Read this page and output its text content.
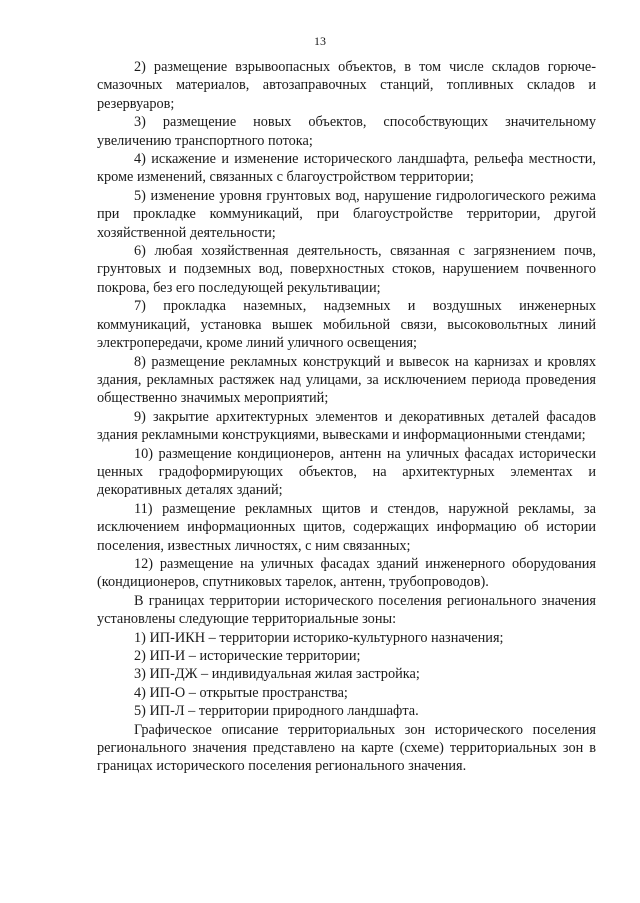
13

2) размещение взрывоопасных объектов, в том числе складов горюче-смазочных материалов, автозаправочных станций, топливных складов и резервуаров;

3) размещение новых объектов, способствующих значительному увеличению транспортного потока;

4) искажение и изменение исторического ландшафта, рельефа местности, кроме изменений, связанных с благоустройством территории;

5) изменение уровня грунтовых вод, нарушение гидрологического режима при прокладке коммуникаций, при благоустройстве территории, другой хозяйственной деятельности;

6) любая хозяйственная деятельность, связанная с загрязнением почв, грунтовых и подземных вод, поверхностных стоков, нарушением почвенного покрова, без его последующей рекультивации;

7) прокладка наземных, надземных и воздушных инженерных коммуникаций, установка вышек мобильной связи, высоковольтных линий электропередачи, кроме линий уличного освещения;

8) размещение рекламных конструкций и вывесок на карнизах и кровлях здания, рекламных растяжек над улицами, за исключением периода проведения общественно значимых мероприятий;

9) закрытие архитектурных элементов и декоративных деталей фасадов здания рекламными конструкциями, вывесками и информационными стендами;

10) размещение кондиционеров, антенн на уличных фасадах исторически ценных градоформирующих объектов, на архитектурных элементах и декоративных деталях зданий;

11) размещение рекламных щитов и стендов, наружной рекламы, за исключением информационных щитов, содержащих информацию об истории поселения, известных личностях, с ним связанных;

12) размещение на уличных фасадах зданий инженерного оборудования (кондиционеров, спутниковых тарелок, антенн, трубопроводов).

В границах территории исторического поселения регионального значения установлены следующие территориальные зоны:

1) ИП-ИКН – территории историко-культурного назначения;

2) ИП-И – исторические территории;

3) ИП-ДЖ – индивидуальная жилая застройка;

4) ИП-О – открытые пространства;

5) ИП-Л – территории природного ландшафта.

Графическое описание территориальных зон исторического поселения регионального значения представлено на карте (схеме) территориальных зон в границах исторического поселения регионального значения.
